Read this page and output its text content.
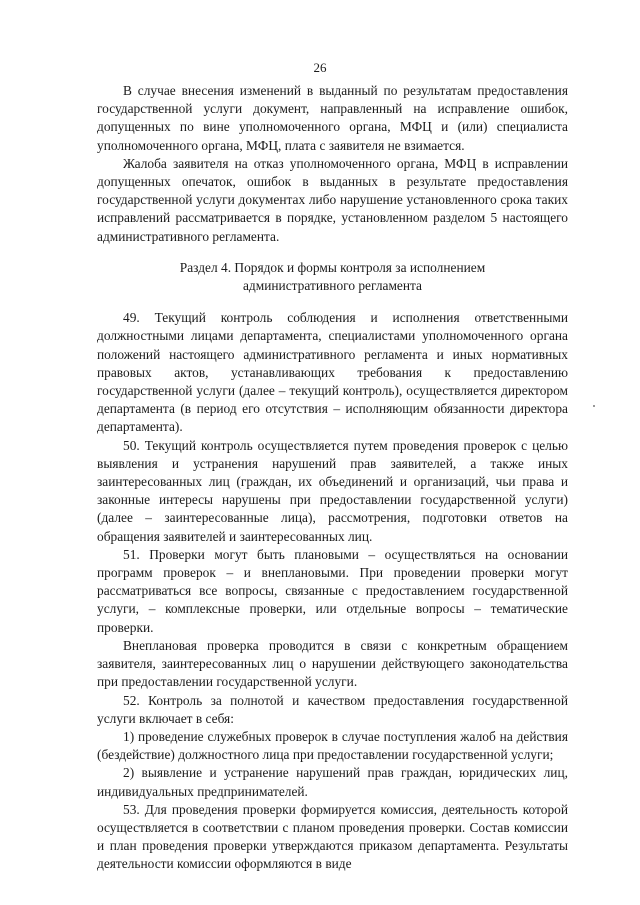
26

В случае внесения изменений в выданный по результатам предоставления государственной услуги документ, направленный на исправление ошибок, допущенных по вине уполномоченного органа, МФЦ и (или) специалиста уполномоченного органа, МФЦ, плата с заявителя не взимается.

Жалоба заявителя на отказ уполномоченного органа, МФЦ в исправлении допущенных опечаток, ошибок в выданных в результате предоставления государственной услуги документах либо нарушение установленного срока таких исправлений рассматривается в порядке, установленном разделом 5 настоящего административного регламента.

Раздел 4. Порядок и формы контроля за исполнением
административного регламента

49. Текущий контроль соблюдения и исполнения ответственными должностными лицами департамента, специалистами уполномоченного органа положений настоящего административного регламента и иных нормативных правовых актов, устанавливающих требования к предоставлению государственной услуги (далее – текущий контроль), осуществляется директором департамента (в период его отсутствия – исполняющим обязанности директора департамента).

50. Текущий контроль осуществляется путем проведения проверок с целью выявления и устранения нарушений прав заявителей, а также иных заинтересованных лиц (граждан, их объединений и организаций, чьи права и законные интересы нарушены при предоставлении государственной услуги) (далее – заинтересованные лица), рассмотрения, подготовки ответов на обращения заявителей и заинтересованных лиц.

51. Проверки могут быть плановыми – осуществляться на основании программ проверок – и внеплановыми. При проведении проверки могут рассматриваться все вопросы, связанные с предоставлением государственной услуги, – комплексные проверки, или отдельные вопросы – тематические проверки.

Внеплановая проверка проводится в связи с конкретным обращением заявителя, заинтересованных лиц о нарушении действующего законодательства при предоставлении государственной услуги.

52. Контроль за полнотой и качеством предоставления государственной услуги включает в себя:

1) проведение служебных проверок в случае поступления жалоб на действия (бездействие) должностного лица при предоставлении государственной услуги;

2) выявление и устранение нарушений прав граждан, юридических лиц, индивидуальных предпринимателей.

53. Для проведения проверки формируется комиссия, деятельность которой осуществляется в соответствии с планом проведения проверки. Состав комиссии и план проведения проверки утверждаются приказом департамента. Результаты деятельности комиссии оформляются в виде
